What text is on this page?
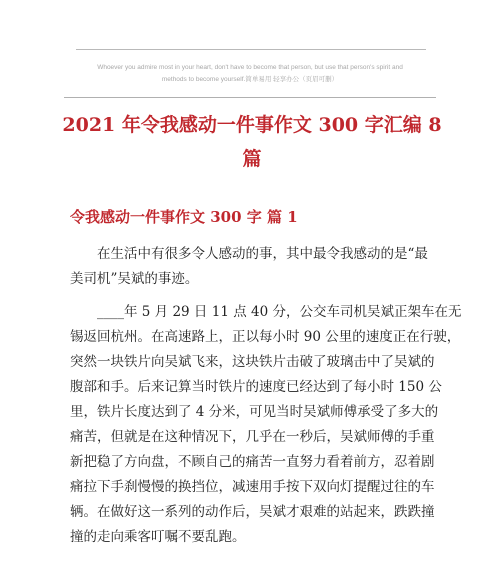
Whoever you admire most in your heart, don't have to become that person, but use that person's spirit and
methods to become yourself.简单易用 轻享办公（页眉可删）
2021 年令我感动一件事作文 300 字汇编 8
篇
令我感动一件事作文 300 字 篇 1

在生活中有很多令人感动的事，其中最令我感动的是“最
美司机”吴斌的事迹。

____年 5 月 29 日 11 点 40 分，公交车司机吴斌正架车在无
锡返回杭州。在高速路上，正以每小时 90 公里的速度正在行驶，
突然一块铁片向吴斌飞来，这块铁片击破了玻璃击中了吴斌的
腹部和手。后来记算当时铁片的速度已经达到了每小时 150 公
里，铁片长度达到了 4 分米，可见当时吴斌师傅承受了多大的
痛苦，但就是在这种情况下，几乎在一秒后，吴斌师傅的手重
新把稳了方向盘，不顾自己的痛苦一直努力看着前方，忍着剧
痛拉下手刹慢慢的换挡位，减速用手按下双向灯提醒过往的车
辆。在做好这一系列的动作后，吴斌才艰难的站起来，跌跌撞
撞的走向乘客叮嘱不要乱跑。
